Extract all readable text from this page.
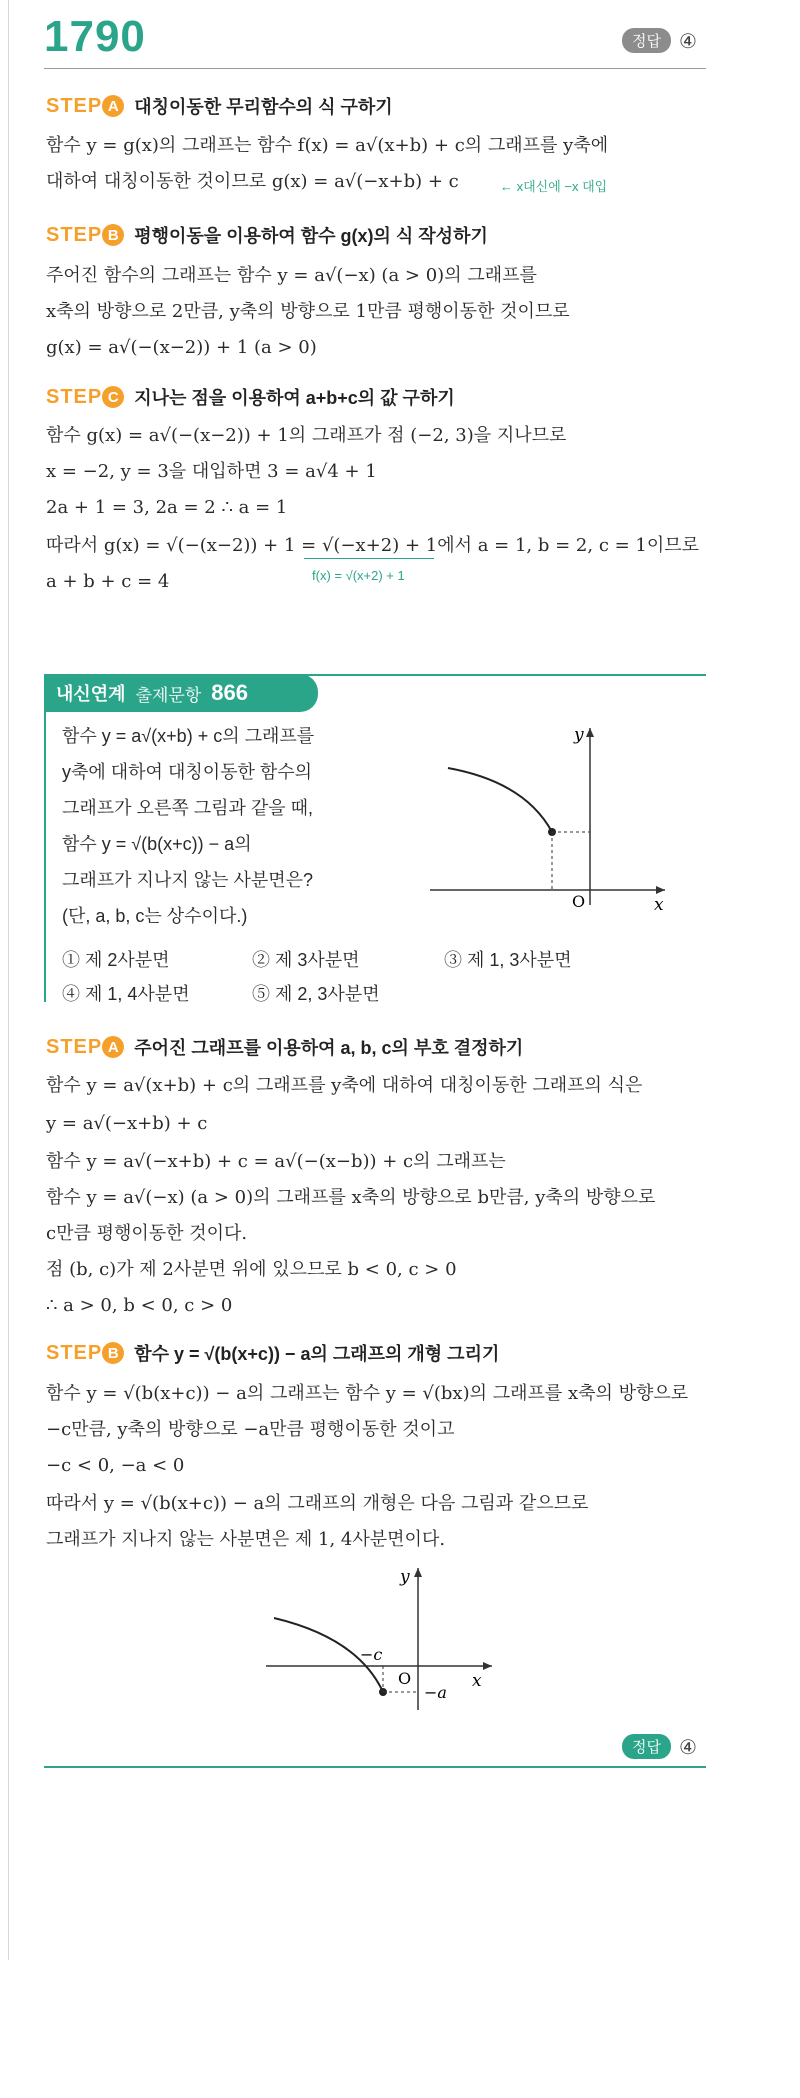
1790	정답 ④
STEP A 대칭이동한 무리함수의 식 구하기
함수 y = g(x)의 그래프는 함수 f(x) = a√(x+b) + c의 그래프를 y축에
대하여 대칭이동한 것이므로 g(x) = a√(−x+b) + c	← x대신에 −x 대입
STEP B 평행이동을 이용하여 함수 g(x)의 식 작성하기
주어진 함수의 그래프는 함수 y = a√(−x) (a > 0)의 그래프를
x축의 방향으로 2만큼, y축의 방향으로 1만큼 평행이동한 것이므로
g(x) = a√(−(x−2)) + 1 (a > 0)
STEP C 지나는 점을 이용하여 a+b+c의 값 구하기
함수 g(x) = a√(−(x−2)) + 1의 그래프가 점 (−2, 3)을 지나므로
x = −2, y = 3을 대입하면 3 = a√4 + 1
2a + 1 = 3, 2a = 2 ∴ a = 1
따라서 g(x) = √(−(x−2)) + 1 = √(−x+2) + 1에서 a = 1, b = 2, c = 1이므로
a + b + c = 4	f(x) = √(x+2) + 1
내신연계 출제문항 866
함수 y = a√(x+b) + c의 그래프를
y축에 대하여 대칭이동한 함수의
그래프가 오른쪽 그림과 같을 때,
함수 y = √(b(x+c)) − a의
그래프가 지나지 않는 사분면은?
(단, a, b, c는 상수이다.)
O	x
y
① 제 2사분면	② 제 3사분면	③ 제 1, 3사분면
④ 제 1, 4사분면	⑤ 제 2, 3사분면
STEP A 주어진 그래프를 이용하여 a, b, c의 부호 결정하기
함수 y = a√(x+b) + c의 그래프를 y축에 대하여 대칭이동한 그래프의 식은
y = a√(−x+b) + c
함수 y = a√(−x+b) + c = a√(−(x−b)) + c의 그래프는
함수 y = a√(−x) (a > 0)의 그래프를 x축의 방향으로 b만큼, y축의 방향으로
c만큼 평행이동한 것이다.
점 (b, c)가 제 2사분면 위에 있으므로 b < 0, c > 0
∴ a > 0, b < 0, c > 0
STEP B 함수 y = √(b(x+c)) − a의 그래프의 개형 그리기
함수 y = √(b(x+c)) − a의 그래프는 함수 y = √(bx)의 그래프를 x축의 방향으로
−c만큼, y축의 방향으로 −a만큼 평행이동한 것이고
−c < 0, −a < 0
따라서 y = √(b(x+c)) − a의 그래프의 개형은 다음 그림과 같으므로
그래프가 지나지 않는 사분면은 제 1, 4사분면이다.
−c
O
−a
x
y
정답 ④
